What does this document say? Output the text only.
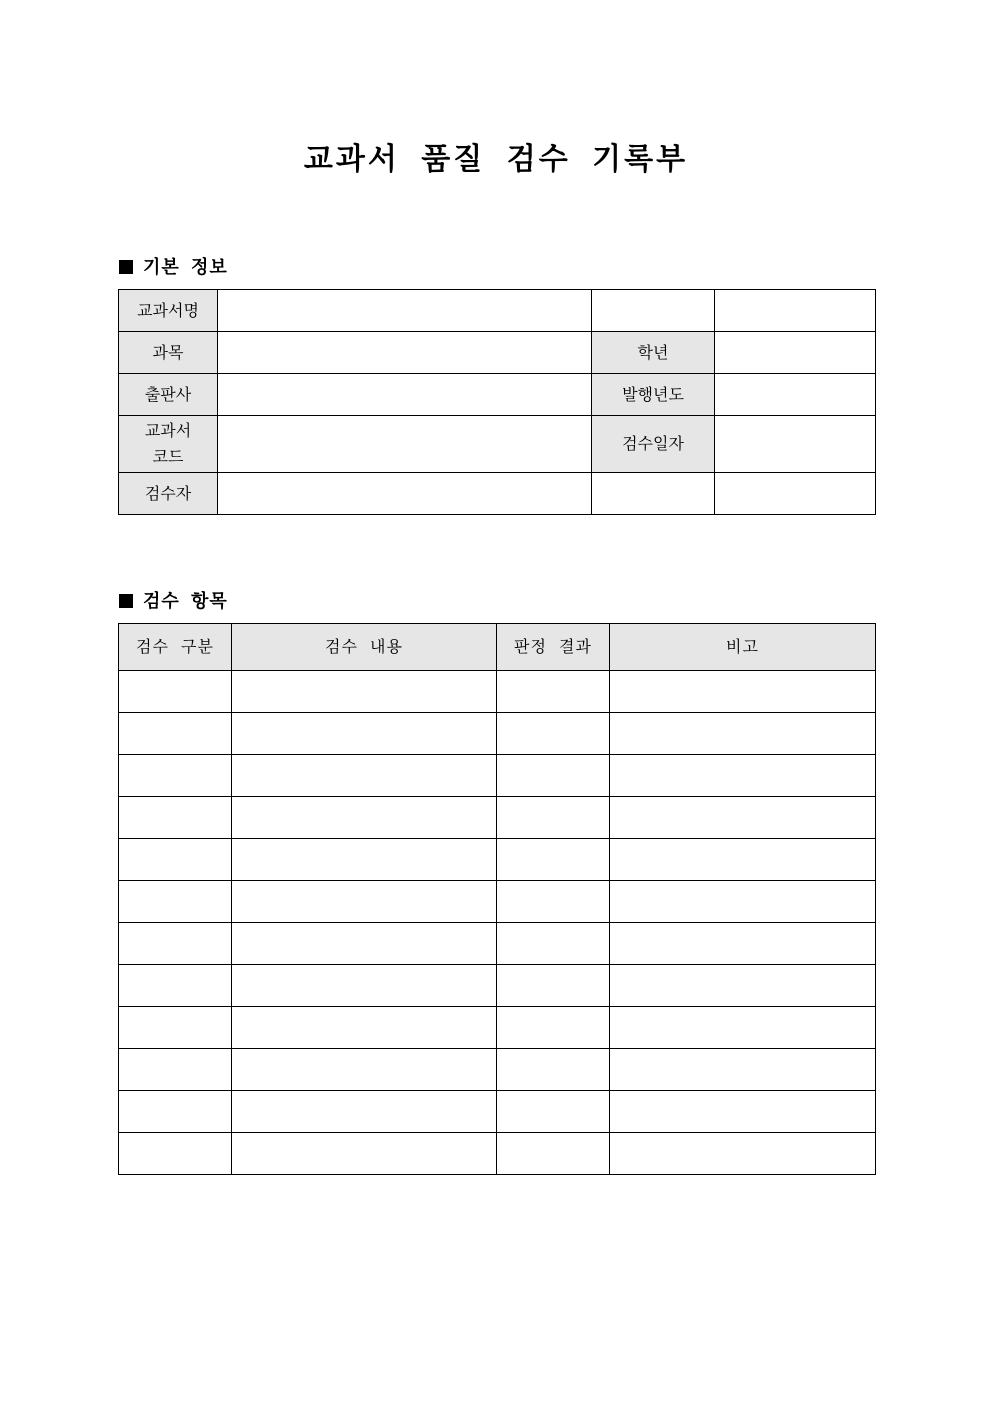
교과서 품질 검수 기록부
기본 정보
교과서명			
과목		학년	
출판사		발행년도	

교과서
코드		검수일자	
검수자			
검수 항목
검수 구분	검수 내용	판정 결과	비고
